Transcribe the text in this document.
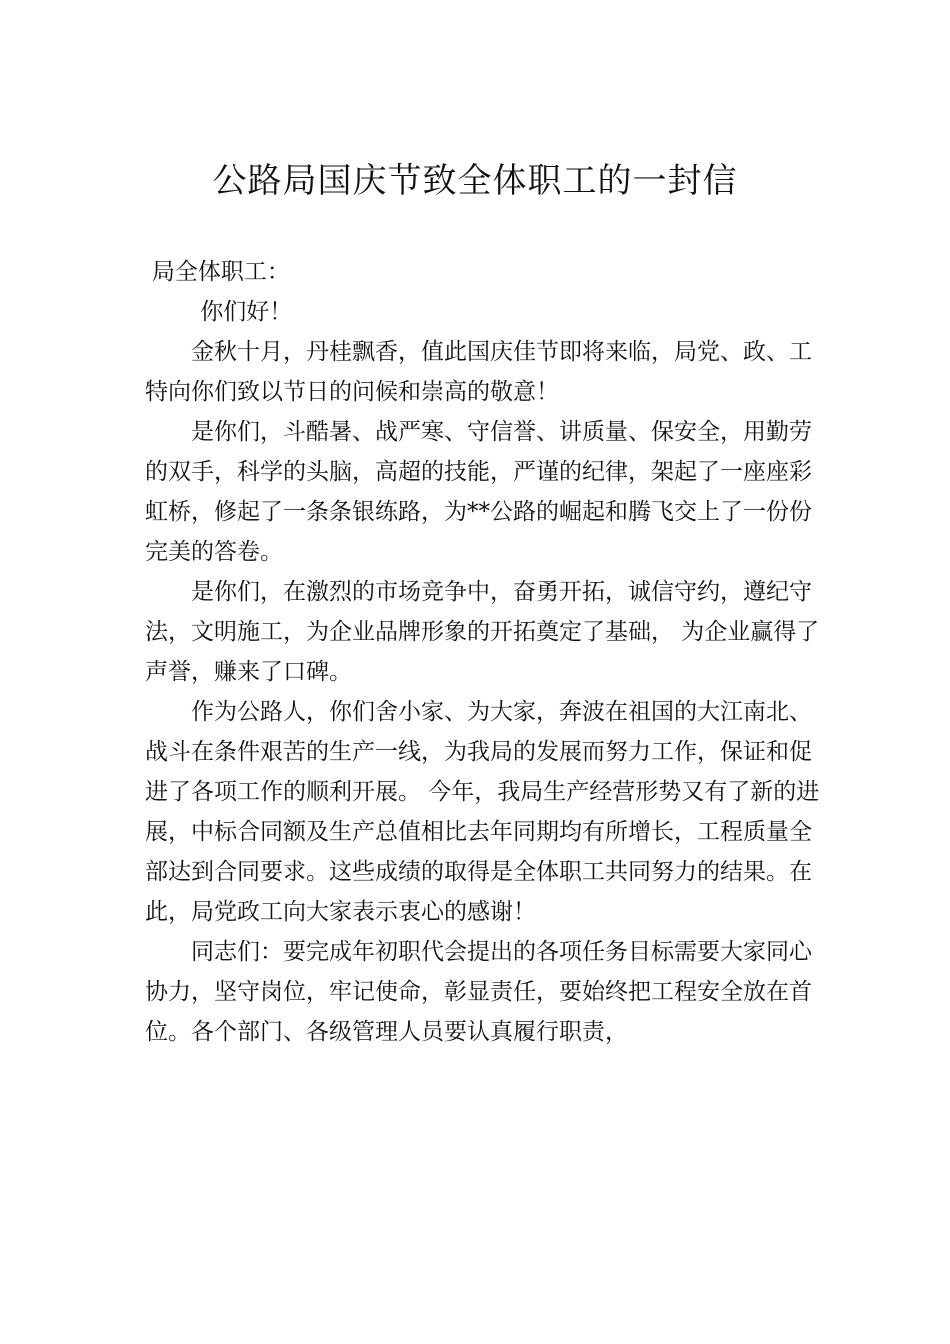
公路局国庆节致全体职工的一封信

局全体职工：

你们好！

金秋十月，丹桂飘香，值此国庆佳节即将来临，局党、政、工特向你们致以节日的问候和崇高的敬意！

是你们，斗酷暑、战严寒、守信誉、讲质量、保安全，用勤劳的双手，科学的头脑，高超的技能，严谨的纪律，架起了一座座彩虹桥，修起了一条条银练路，为**公路的崛起和腾飞交上了一份份完美的答卷。

是你们，在激烈的市场竞争中，奋勇开拓，诚信守约，遵纪守法，文明施工，为企业品牌形象的开拓奠定了基础， 为企业赢得了声誉，赚来了口碑。

作为公路人，你们舍小家、为大家，奔波在祖国的大江南北、战斗在条件艰苦的生产一线，为我局的发展而努力工作，保证和促进了各项工作的顺利开展。 今年，我局生产经营形势又有了新的进展，中标合同额及生产总值相比去年同期均有所增长，工程质量全部达到合同要求。这些成绩的取得是全体职工共同努力的结果。在此，局党政工向大家表示衷心的感谢！

同志们：要完成年初职代会提出的各项任务目标需要大家同心协力，坚守岗位，牢记使命，彰显责任，要始终把工程安全放在首位。各个部门、各级管理人员要认真履行职责，
